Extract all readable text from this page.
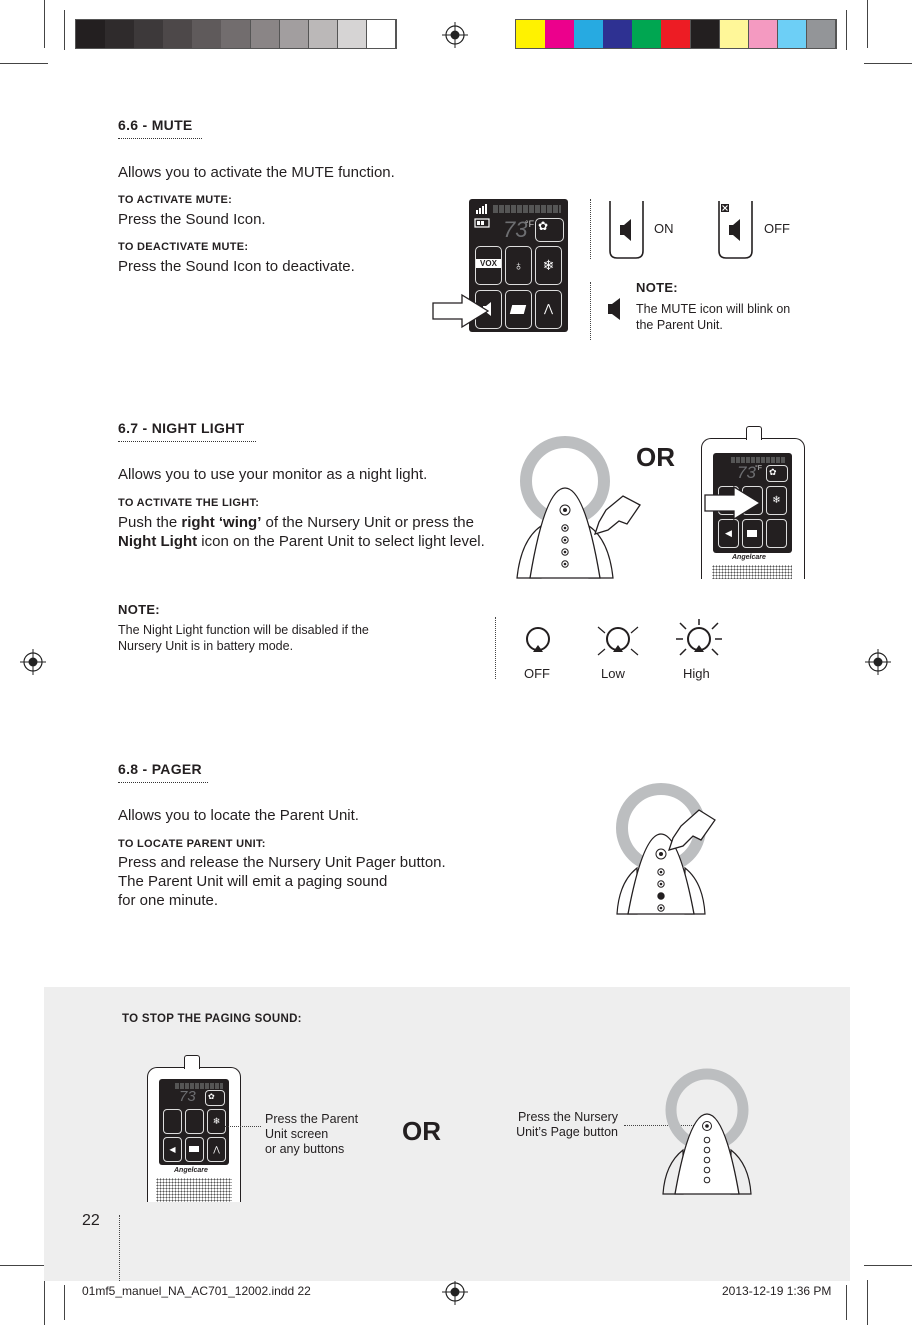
6.6 - MUTE
Allows you to activate the MUTE function.
TO ACTIVATE MUTE:
Press the Sound Icon.
TO DEACTIVATE MUTE:
Press the Sound Icon to deactivate.
73
°F ✿
VOX	♁	❄
⋀
ON	OFF
NOTE:
The MUTE icon will blink on the Parent Unit.
6.7 - NIGHT LIGHT
Allows you to use your monitor as a night light.
TO ACTIVATE THE LIGHT:
Push the right ‘wing’ of the Nursery Unit or press the Night Light icon on the Parent Unit to select light level.
OR
73 °F ✿
❄
◀
Angelcare
NOTE:
The Night Light function will be disabled if the Nursery Unit is in battery mode.
OFF	Low	High
6.8 - PAGER
Allows you to locate the Parent Unit.
TO LOCATE PARENT UNIT:
Press and release the Nursery Unit Pager button.
The Parent Unit will emit a paging sound
for one minute.
TO STOP THE PAGING SOUND:
73	✿
❄
◀	⋀
Angelcare
Press the Parent
Unit screen
or any buttons
OR	Press the Nursery
Unit’s Page button
22
01mf5_manuel_NA_AC701_12002.indd 22	2013-12-19 1:36 PM
